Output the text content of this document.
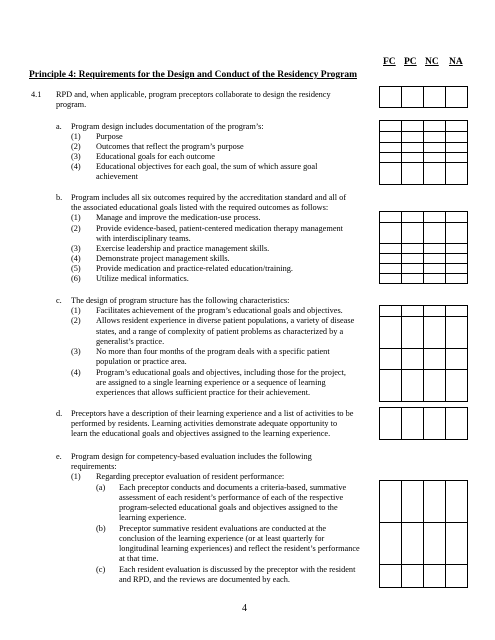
Principle 4: Requirements for the Design and Conduct of the Residency Program
FC PC NC NA
4.1 RPD and, when applicable, program preceptors collaborate to design the residency
program.
a. Program design includes documentation of the program’s:
(1) Purpose
(2) Outcomes that reflect the program’s purpose
(3) Educational goals for each outcome
(4) Educational objectives for each goal, the sum of which assure goal
achievement
b. Program includes all six outcomes required by the accreditation standard and all of
the associated educational goals listed with the required outcomes as follows:
(1) Manage and improve the medication-use process.
(2) Provide evidence-based, patient-centered medication therapy management
with interdisciplinary teams.
(3) Exercise leadership and practice management skills.
(4) Demonstrate project management skills.
(5) Provide medication and practice-related education/training.
(6) Utilize medical informatics.
c. The design of program structure has the following characteristics:
(1) Facilitates achievement of the program’s educational goals and objectives.
(2) Allows resident experience in diverse patient populations, a variety of disease
states, and a range of complexity of patient problems as characterized by a
generalist’s practice.
(3) No more than four months of the program deals with a specific patient
population or practice area.
(4) Program’s educational goals and objectives, including those for the project,
are assigned to a single learning experience or a sequence of learning
experiences that allows sufficient practice for their achievement.
d. Preceptors have a description of their learning experience and a list of activities to be
performed by residents. Learning activities demonstrate adequate opportunity to
learn the educational goals and objectives assigned to the learning experience.
e. Program design for competency-based evaluation includes the following
requirements:
(1) Regarding preceptor evaluation of resident performance:
(a) Each preceptor conducts and documents a criteria-based, summative
assessment of each resident’s performance of each of the respective
program-selected educational goals and objectives assigned to the
learning experience.
(b) Preceptor summative resident evaluations are conducted at the
conclusion of the learning experience (or at least quarterly for
longitudinal learning experiences) and reflect the resident’s performance
at that time.
(c) Each resident evaluation is discussed by the preceptor with the resident
and RPD, and the reviews are documented by each.
4
